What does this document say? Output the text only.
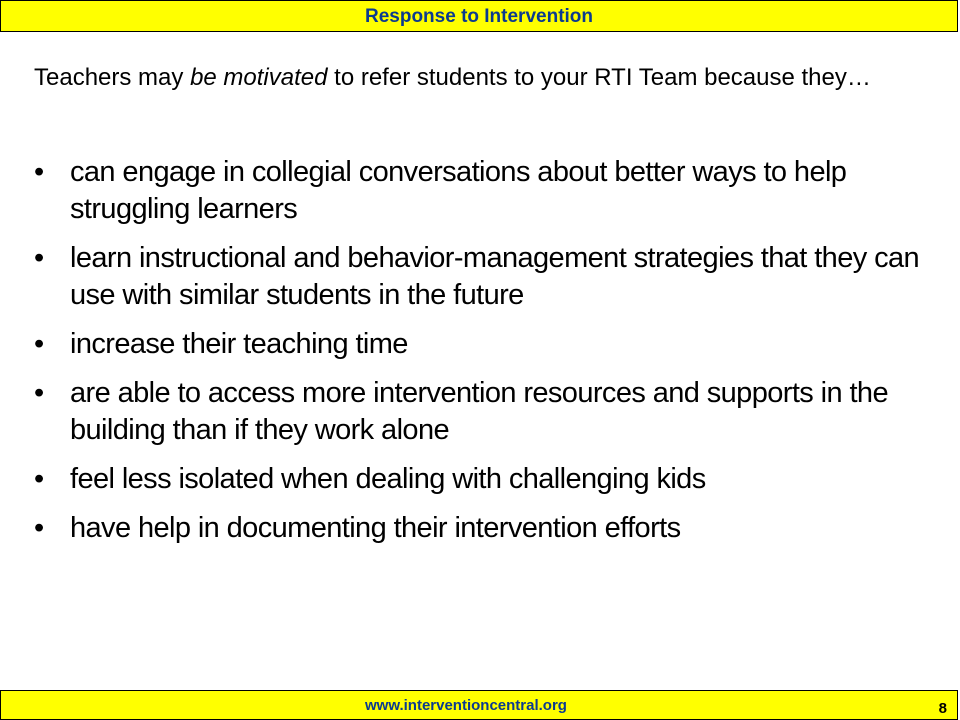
Response to Intervention
Teachers may be motivated to refer students to your RTI Team because they…
• can engage in collegial conversations about better ways to help struggling learners
• learn instructional and behavior-management strategies that they can use with similar students in the future
• increase their teaching time
• are able to access more intervention resources and supports in the building than if they work alone
• feel less isolated when dealing with challenging kids
• have help in documenting their intervention efforts
www.interventioncentral.org	8
